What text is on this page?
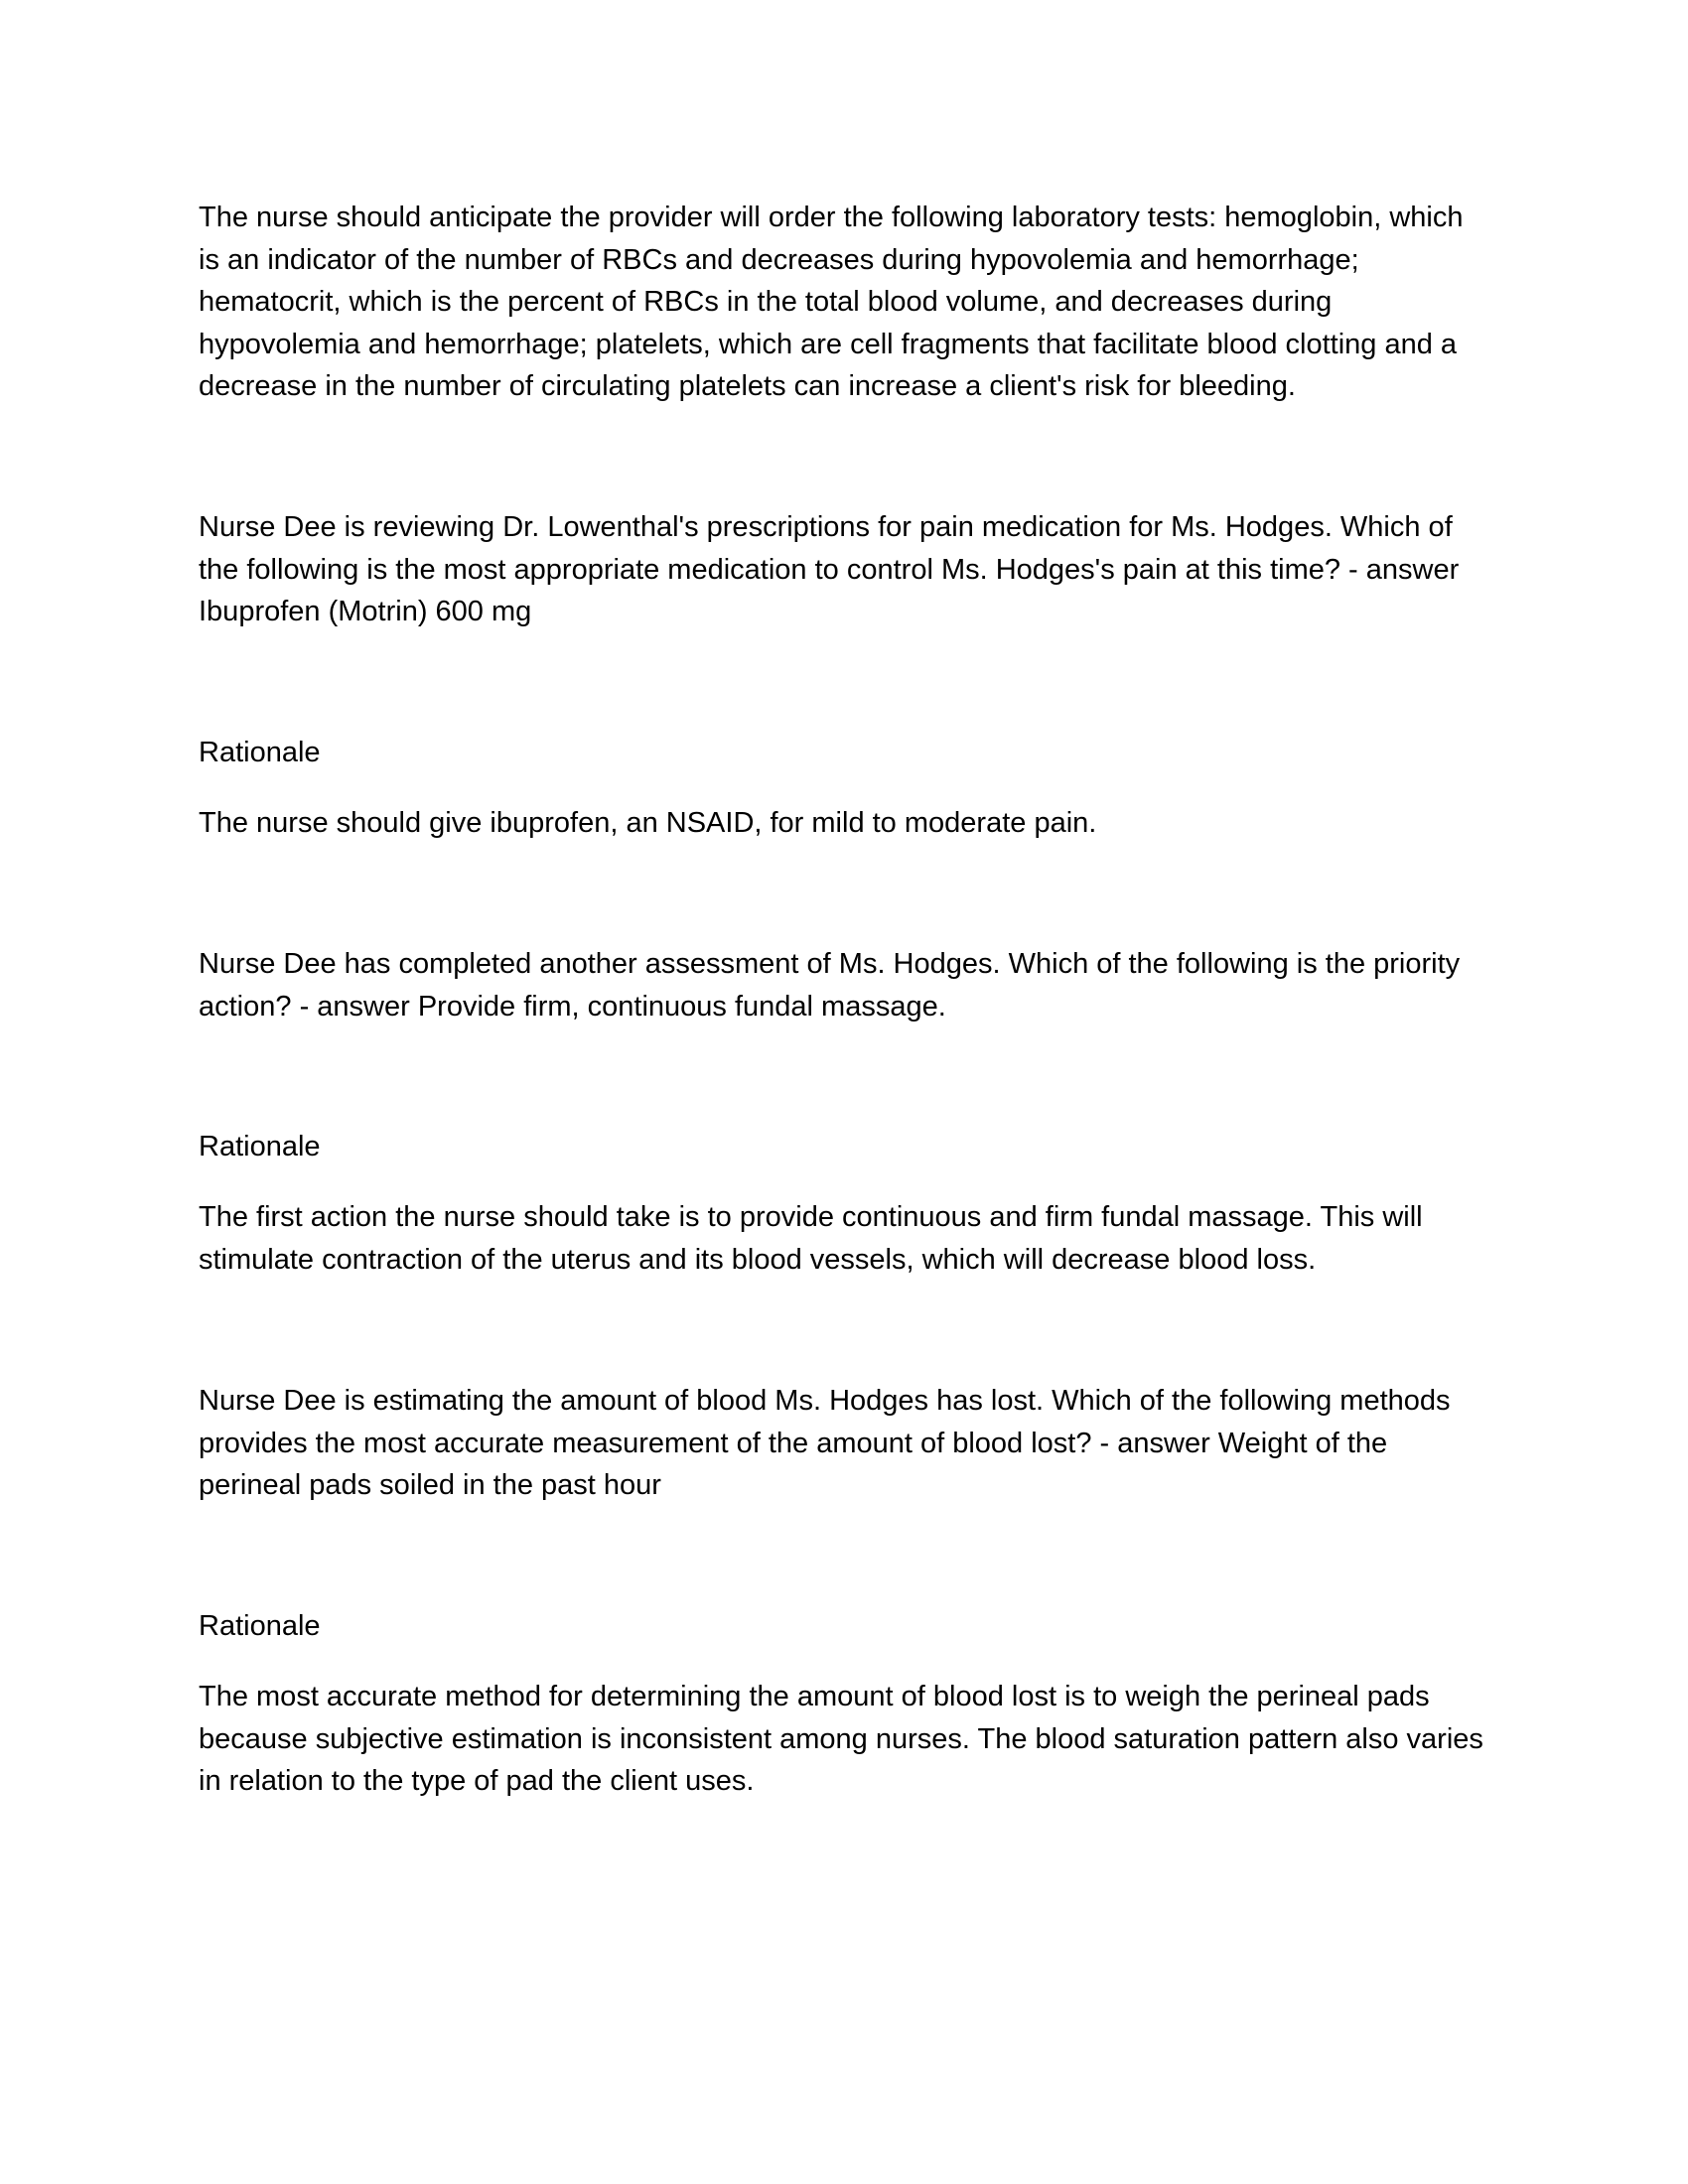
The nurse should anticipate the provider will order the following laboratory tests: hemoglobin, which is an indicator of the number of RBCs and decreases during hypovolemia and hemorrhage; hematocrit, which is the percent of RBCs in the total blood volume, and decreases during hypovolemia and hemorrhage; platelets, which are cell fragments that facilitate blood clotting and a decrease in the number of circulating platelets can increase a client's risk for bleeding.

Nurse Dee is reviewing Dr. Lowenthal's prescriptions for pain medication for Ms. Hodges. Which of the following is the most appropriate medication to control Ms. Hodges's pain at this time? - answer Ibuprofen (Motrin) 600 mg

Rationale

The nurse should give ibuprofen, an NSAID, for mild to moderate pain.

Nurse Dee has completed another assessment of Ms. Hodges. Which of the following is the priority action? - answer Provide firm, continuous fundal massage.

Rationale

The first action the nurse should take is to provide continuous and firm fundal massage. This will stimulate contraction of the uterus and its blood vessels, which will decrease blood loss.

Nurse Dee is estimating the amount of blood Ms. Hodges has lost. Which of the following methods provides the most accurate measurement of the amount of blood lost? - answer Weight of the perineal pads soiled in the past hour

Rationale

The most accurate method for determining the amount of blood lost is to weigh the perineal pads because subjective estimation is inconsistent among nurses. The blood saturation pattern also varies in relation to the type of pad the client uses.
